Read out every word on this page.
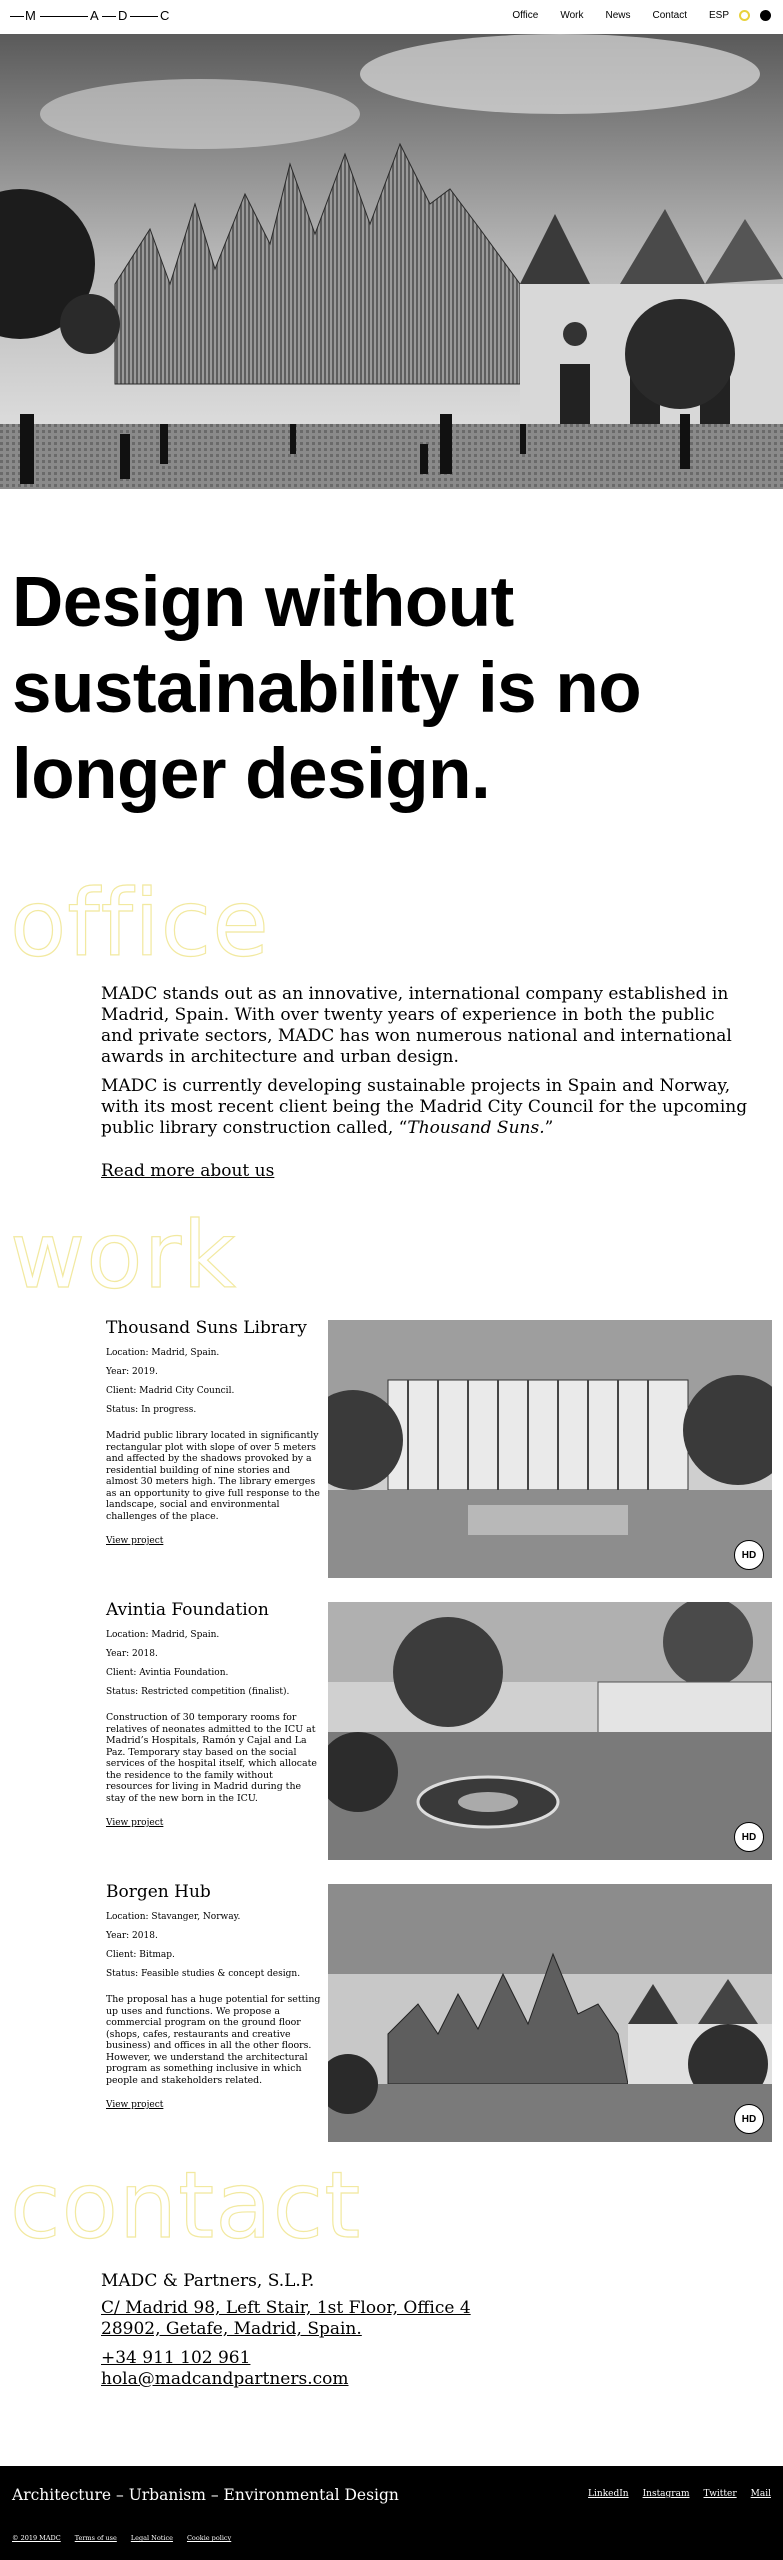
M	A D	C	Office Work News Contact ESP
Design without sustainability is no longer design.
office

MADC stands out as an innovative, international company established in Madrid, Spain. With over twenty years of experience in both the public and private sectors, MADC has won numerous national and international awards in architecture and urban design.

MADC is currently developing sustainable projects in Spain and Norway, with its most recent client being the Madrid City Council for the upcoming public library construction called, “Thousand Suns.”

Read more about us
work
Thousand Suns Library
Location: Madrid, Spain.
Year: 2019.
Client: Madrid City Council.
Status: In progress.
Madrid public library located in significantly rectangular plot with slope of over 5 meters and affected by the shadows provoked by a residential building of nine stories and almost 30 meters high. The library emerges as an opportunity to give full response to the landscape, social and environmental challenges of the place.
View project
HD
Avintia Foundation
Location: Madrid, Spain.
Year: 2018.
Client: Avintia Foundation.
Status: Restricted competition (finalist).
Construction of 30 temporary rooms for relatives of neonates admitted to the ICU at Madrid’s Hospitals, Ramón y Cajal and La Paz. Temporary stay based on the social services of the hospital itself, which allocate the residence to the family without resources for living in Madrid during the stay of the new born in the ICU.
View project
HD
Borgen Hub
Location: Stavanger, Norway.
Year: 2018.
Client: Bitmap.
Status: Feasible studies & concept design.
The proposal has a huge potential for setting up uses and functions. We propose a commercial program on the ground floor (shops, cafes, restaurants and creative business) and offices in all the other floors. However, we understand the architectural program as something inclusive in which people and stakeholders related.
View project
HD
contact
MADC & Partners, S.L.P.
C/ Madrid 98, Left Stair, 1st Floor, Office 4
28902, Getafe, Madrid, Spain.
+34 911 102 961
hola@madcandpartners.com
Architecture – Urbanism – Environmental Design	LinkedIn Instagram Twitter Mail
© 2019 MADC Terms of use Legal Notice Cookie policy
